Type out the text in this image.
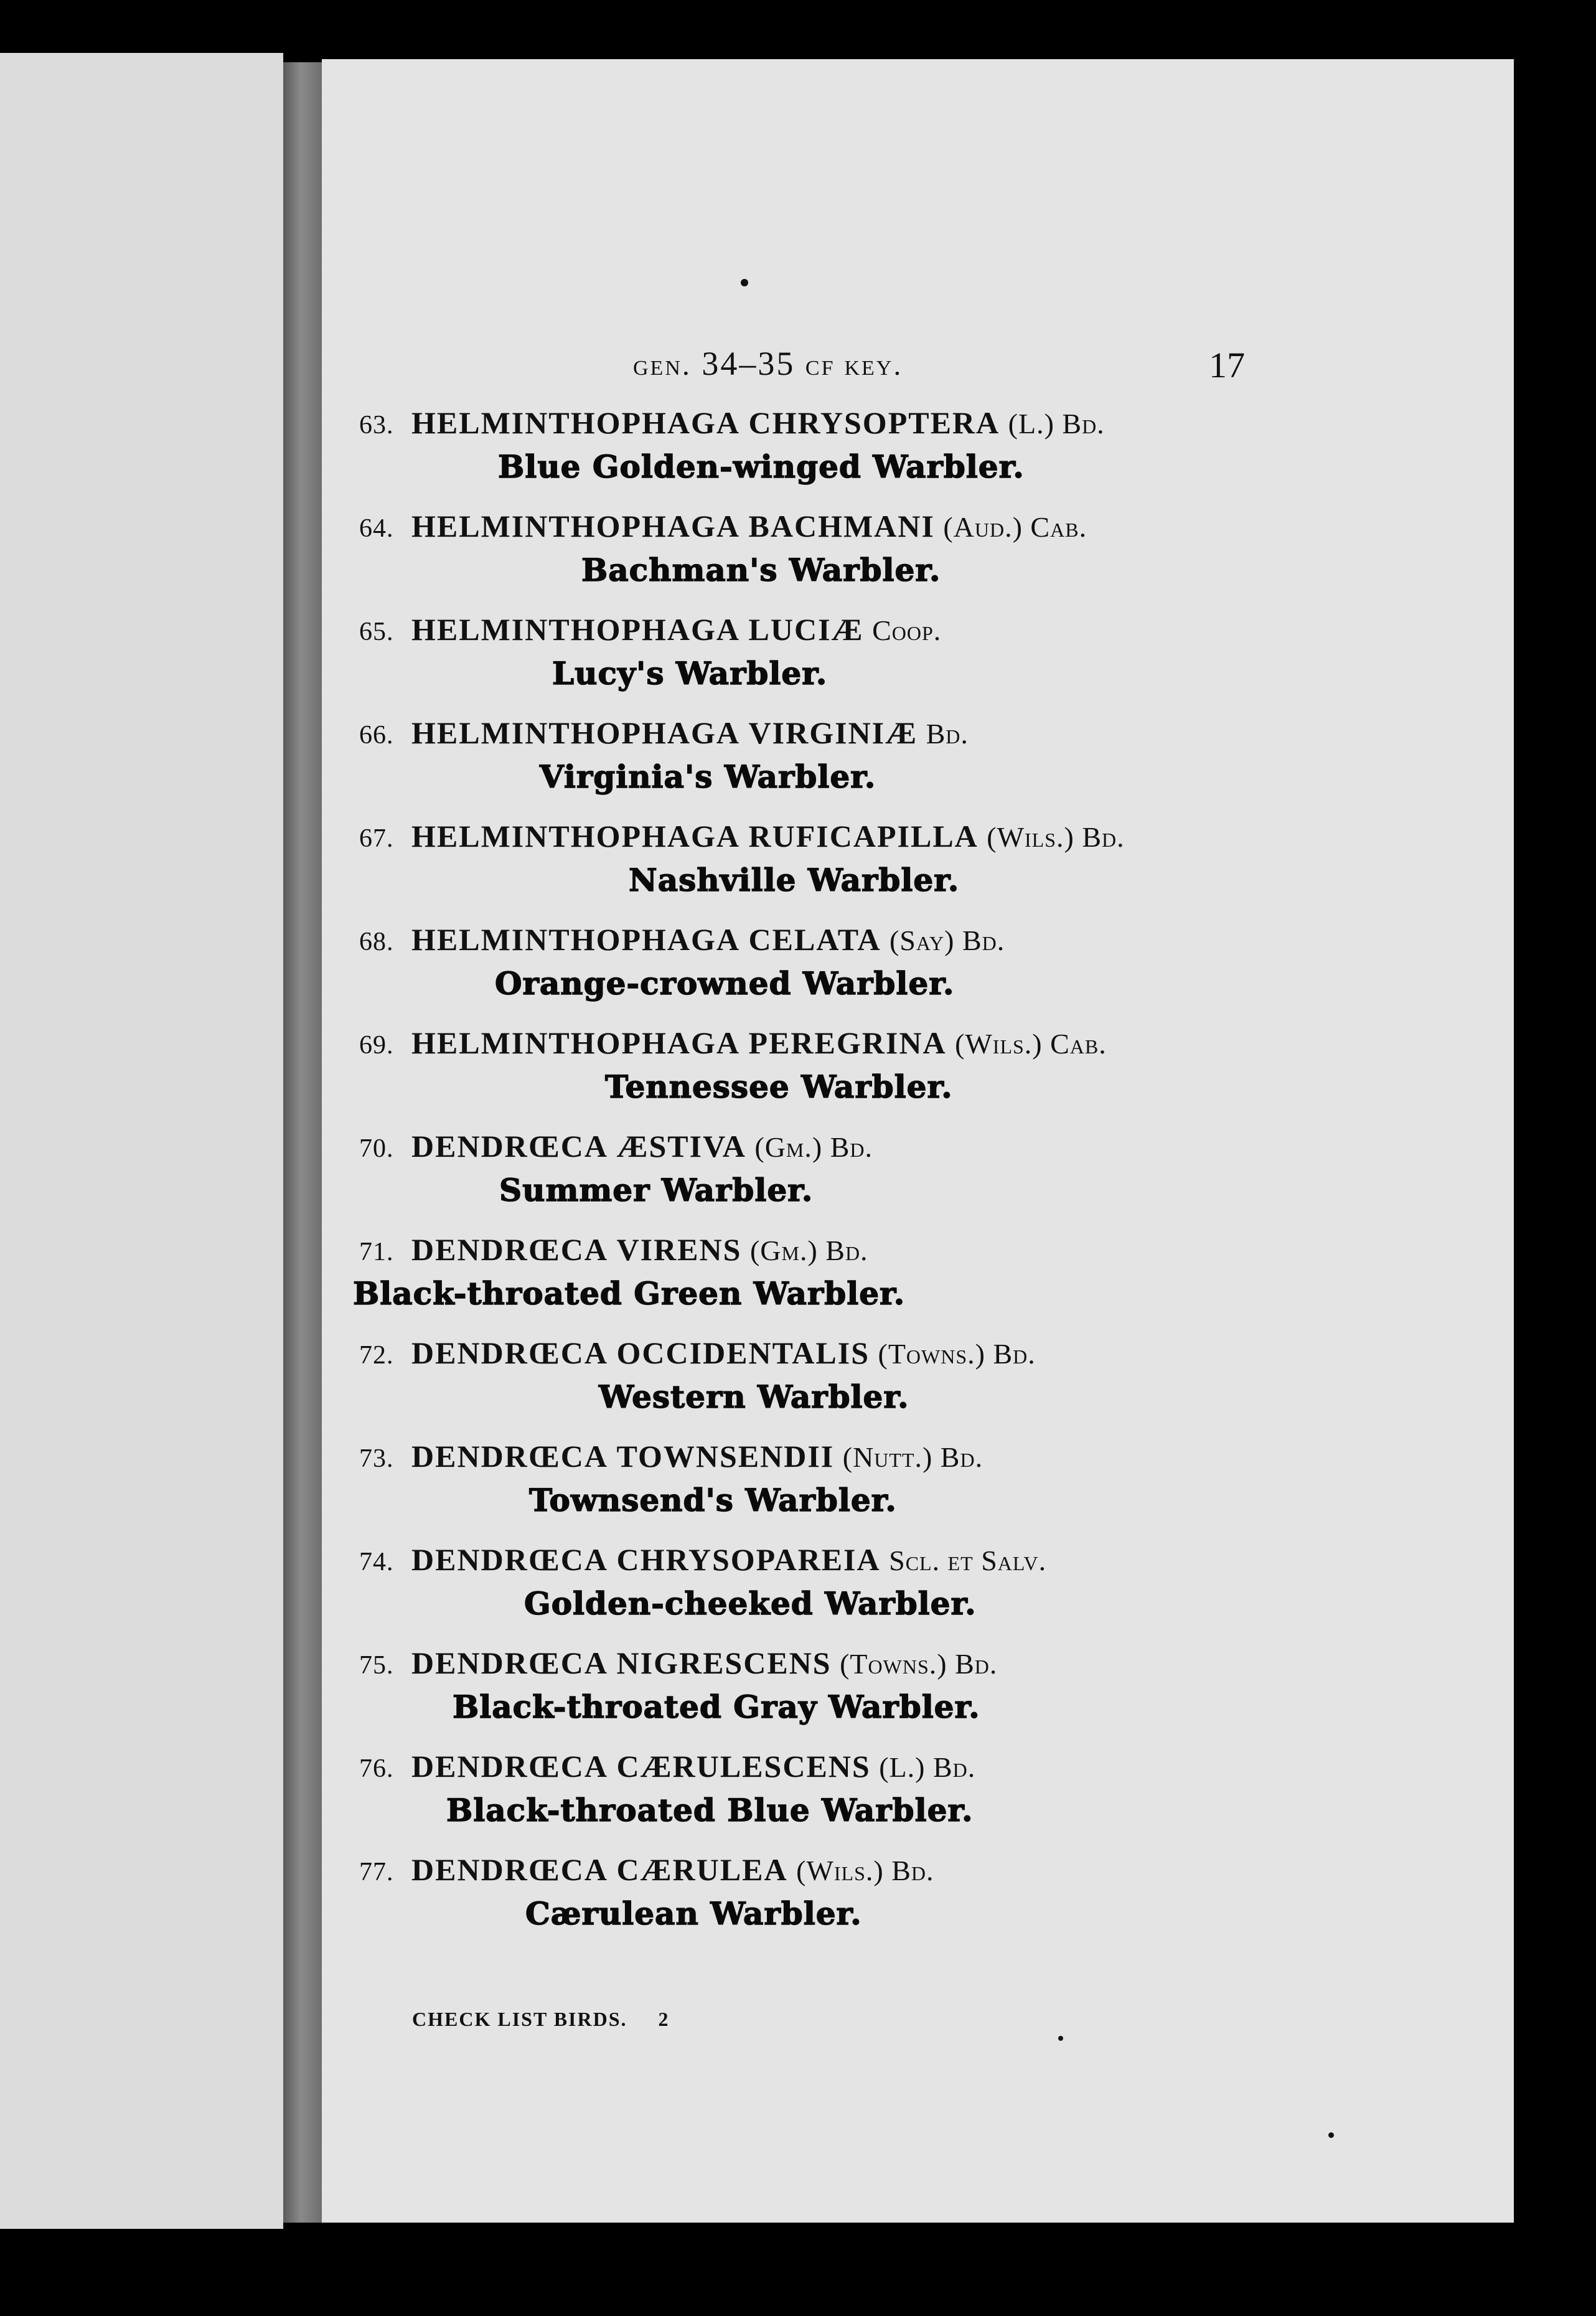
gen. 34–35 cf key.	17
63. HELMINTHOPHAGA CHRYSOPTERA (L.) Bd.
Blue Golden-winged Warbler.
64. HELMINTHOPHAGA BACHMANI (Aud.) Cab.
Bachman's Warbler.
65. HELMINTHOPHAGA LUCIÆ Coop.
Lucy's Warbler.
66. HELMINTHOPHAGA VIRGINIÆ Bd.
Virginia's Warbler.
67. HELMINTHOPHAGA RUFICAPILLA (Wils.) Bd.
Nashville Warbler.
68. HELMINTHOPHAGA CELATA (Say) Bd.
Orange-crowned Warbler.
69. HELMINTHOPHAGA PEREGRINA (Wils.) Cab.
Tennessee Warbler.
70. DENDRŒCA ÆSTIVA (Gm.) Bd.
Summer Warbler.
71. DENDRŒCA VIRENS (Gm.) Bd.
Black-throated Green Warbler.
72. DENDRŒCA OCCIDENTALIS (Towns.) Bd.
Western Warbler.
73. DENDRŒCA TOWNSENDII (Nutt.) Bd.
Townsend's Warbler.
74. DENDRŒCA CHRYSOPAREIA Scl. et Salv.
Golden-cheeked Warbler.
75. DENDRŒCA NIGRESCENS (Towns.) Bd.
Black-throated Gray Warbler.
76. DENDRŒCA CÆRULESCENS (L.) Bd.
Black-throated Blue Warbler.
77. DENDRŒCA CÆRULEA (Wils.) Bd.
Cærulean Warbler.
CHECK LIST BIRDS. 2
